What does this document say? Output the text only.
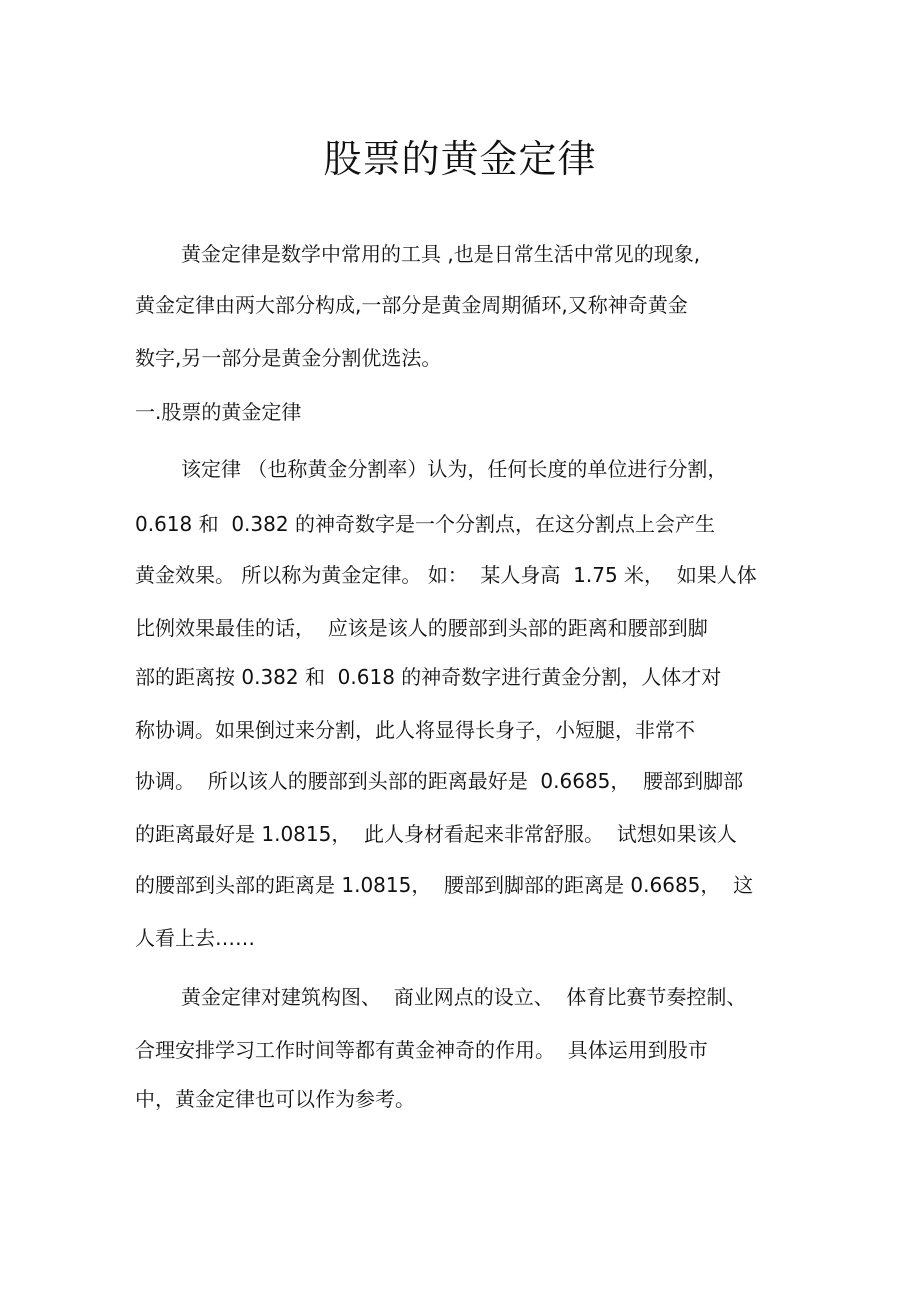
股票的黄金定律

黄金定律是数学中常用的工具 ,也是日常生活中常见的现象,

黄金定律由两大部分构成,一部分是黄金周期循环,又称神奇黄金

数字,另一部分是黄金分割优选法。

一.股票的黄金定律

该定律 （也称黄金分割率）认为，任何长度的单位进行分割，

0.618 和  0.382 的神奇数字是一个分割点，在这分割点上会产生

黄金效果。 所以称为黄金定律。 如：  某人身高  1.75 米，  如果人体

比例效果最佳的话，  应该是该人的腰部到头部的距离和腰部到脚

部的距离按 0.382 和  0.618 的神奇数字进行黄金分割，人体才对

称协调。如果倒过来分割，此人将显得长身子，小短腿，非常不

协调。  所以该人的腰部到头部的距离最好是  0.6685，  腰部到脚部

的距离最好是 1.0815，  此人身材看起来非常舒服。  试想如果该人

的腰部到头部的距离是 1.0815，  腰部到脚部的距离是 0.6685，  这

人看上去……

黄金定律对建筑构图、  商业网点的设立、  体育比赛节奏控制、

合理安排学习工作时间等都有黄金神奇的作用。  具体运用到股市

中，黄金定律也可以作为参考。
